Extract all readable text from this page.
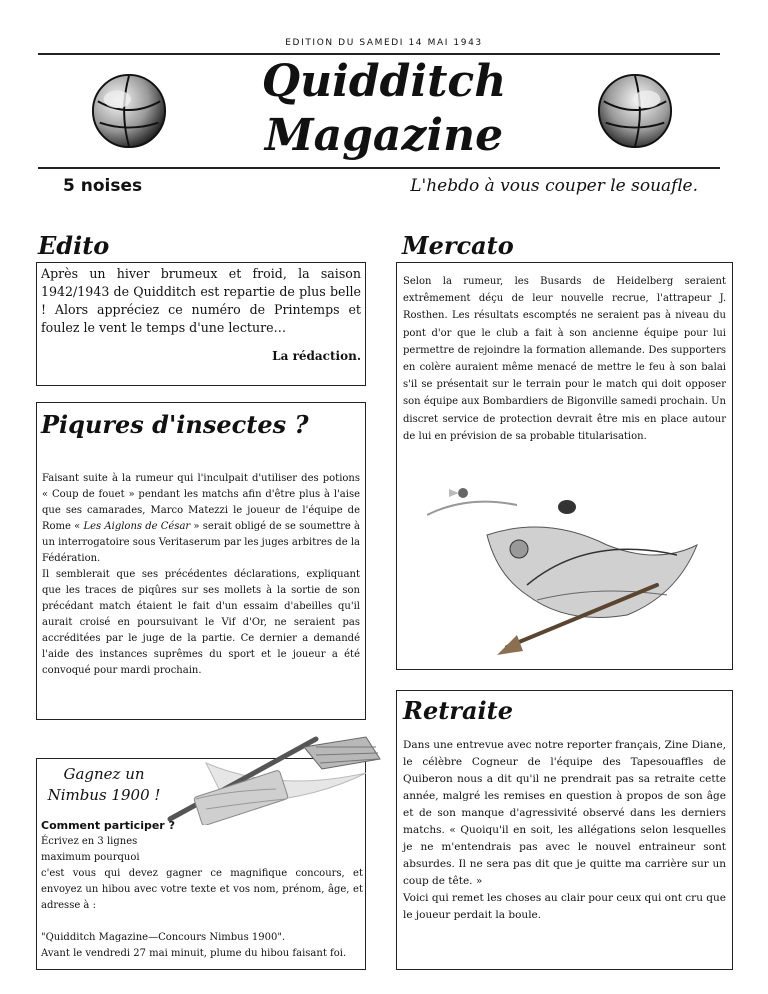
EDITION DU SAMEDI 14 MAI 1943
Quidditch
Magazine
5 noises	L'hebdo à vous couper le souafle.
Edito
Après un hiver brumeux et froid, la saison 1942/1943 de Quidditch est repartie de plus belle ! Alors appréciez ce numéro de Printemps et foulez le vent le temps d'une lecture…
La rédaction.
Piqures d'insectes ?
Faisant suite à la rumeur qui l'inculpait d'utiliser des potions « Coup de fouet » pendant les matchs afin d'être plus à l'aise que ses camarades, Marco Matezzi le joueur de l'équipe de Rome « Les Aiglons de César » serait obligé de se soumettre à un interrogatoire sous Veritaserum par les juges arbitres de la Fédération.
Il semblerait que ses précédentes déclarations, expliquant que les traces de piqûres sur ses mollets à la sortie de son précédant match étaient le fait d'un essaim d'abeilles qu'il aurait croisé en poursuivant le Vif d'Or, ne seraient pas accréditées par le juge de la partie. Ce dernier a demandé l'aide des instances suprêmes du sport et le joueur a été convoqué pour mardi prochain.
Gagnez un
Nimbus 1900 !
Comment participer ?
Écrivez en 3 lignes
maximum pourquoi
c'est vous qui devez gagner ce magnifique concours, et envoyez un hibou avec votre texte et vos nom, prénom, âge, et adresse à :
"Quidditch Magazine—Concours Nimbus 1900".
Avant le vendredi 27 mai minuit, plume du hibou faisant foi.
Mercato
Selon la rumeur, les Busards de Heidelberg seraient extrêmement déçu de leur nouvelle recrue, l'attrapeur J. Rosthen. Les résultats escomptés ne seraient pas à niveau du pont d'or que le club a fait à son ancienne équipe pour lui permettre de rejoindre la formation allemande. Des supporters en colère auraient même menacé de mettre le feu à son balai s'il se présentait sur le terrain pour le match qui doit opposer son équipe aux Bombardiers de Bigonville samedi prochain. Un discret service de protection devrait être mis en place autour de lui en prévision de sa probable titularisation.
Retraite
Dans une entrevue avec notre reporter français, Zine Diane, le célèbre Cogneur de l'équipe des Tapesouaffles de Quiberon nous a dit qu'il ne prendrait pas sa retraite cette année, malgré les remises en question à propos de son âge et de son manque d'agressivité observé dans les derniers matchs. « Quoiqu'il en soit, les allégations selon lesquelles je ne m'entendrais pas avec le nouvel entraineur sont absurdes. Il ne sera pas dit que je quitte ma carrière sur un coup de tête. »
Voici qui remet les choses au clair pour ceux qui ont cru que le joueur perdait la boule.
